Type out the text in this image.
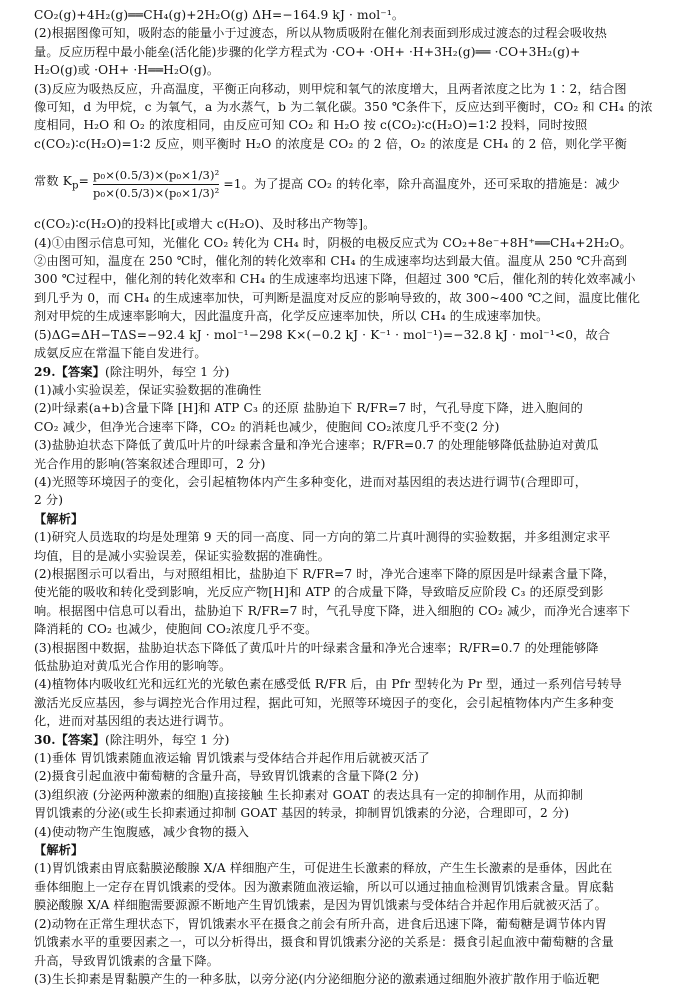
CO₂(g)+4H₂(g)══CH₄(g)+2H₂O(g) ΔH=−164.9 kJ · mol⁻¹。
(2)根据图像可知，吸附态的能量小于过渡态，所以从物质吸附在催化剂表面到形成过渡态的过程会吸收热
量。反应历程中最小能垒(活化能)步骤的化学方程式为 ·CO+ ·OH+ ·H+3H₂(g)══ ·CO+3H₂(g)+
H₂O(g)或 ·OH+ ·H══H₂O(g)。
(3)反应为吸热反应，升高温度，平衡正向移动，则甲烷和氧气的浓度增大，且两者浓度之比为 1∶2，结合图
像可知，d 为甲烷，c 为氧气，a 为水蒸气，b 为二氧化碳。350 ℃条件下，反应达到平衡时，CO₂ 和 CH₄ 的浓
度相同，H₂O 和 O₂ 的浓度相同，由反应可知 CO₂ 和 H₂O 按 c(CO₂)∶c(H₂O)=1∶2 投料，同时按照
c(CO₂)∶c(H₂O)=1∶2 反应，则平衡时 H₂O 的浓度是 CO₂ 的 2 倍，O₂ 的浓度是 CH₄ 的 2 倍，则化学平衡
常数 $K_p= \frac{\text{p₀×(0.5/3)×(p₀×1/3)²}}{\text{p₀×(0.5/3)×(p₀×1/3)²}} =1$。为了提高 CO₂ 的转化率，除升高温度外，还可采取的措施是：减少
c(CO₂)∶c(H₂O)的投料比[或增大 c(H₂O)、及时移出产物等]。
(4)①由图示信息可知，光催化 CO₂ 转化为 CH₄ 时，阴极的电极反应式为 CO₂+8e⁻+8H⁺══CH₄+2H₂O。
②由图可知，温度在 250 ℃时，催化剂的转化效率和 CH₄ 的生成速率均达到最大值。温度从 250 ℃升高到
300 ℃过程中，催化剂的转化效率和 CH₄ 的生成速率均迅速下降，但超过 300 ℃后，催化剂的转化效率减小
到几乎为 0，而 CH₄ 的生成速率加快，可判断是温度对反应的影响导致的，故 300~400 ℃之间，温度比催化
剂对甲烷的生成速率影响大，因此温度升高，化学反应速率加快，所以 CH₄ 的生成速率加快。
(5)ΔG=ΔH−TΔS=−92.4 kJ · mol⁻¹−298 K×(−0.2 kJ · K⁻¹ · mol⁻¹)=−32.8 kJ · mol⁻¹<0，故合
成氨反应在常温下能自发进行。
29.【答案】(除注明外，每空 1 分)
(1)减小实验误差，保证实验数据的准确性
(2)叶绿素(a+b)含量下降 [H]和 ATP C₃ 的还原 盐胁迫下 R/FR=7 时，气孔导度下降，进入胞间的
CO₂ 减少，但净光合速率下降，CO₂ 的消耗也减少，使胞间 CO₂浓度几乎不变(2 分)
(3)盐胁迫状态下降低了黄瓜叶片的叶绿素含量和净光合速率；R/FR=0.7 的处理能够降低盐胁迫对黄瓜
光合作用的影响(答案叙述合理即可，2 分)
(4)光照等环境因子的变化，会引起植物体内产生多种变化，进而对基因组的表达进行调节(合理即可，
2 分)
【解析】
(1)研究人员选取的均是处理第 9 天的同一高度、同一方向的第二片真叶测得的实验数据，并多组测定求平
均值，目的是减小实验误差，保证实验数据的准确性。
(2)根据图示可以看出，与对照组相比，盐胁迫下 R/FR=7 时，净光合速率下降的原因是叶绿素含量下降，
使光能的吸收和转化受到影响，光反应产物[H]和 ATP 的合成量下降，导致暗反应阶段 C₃ 的还原受到影
响。根据图中信息可以看出，盐胁迫下 R/FR=7 时，气孔导度下降，进入细胞的 CO₂ 减少，而净光合速率下
降消耗的 CO₂ 也减少，使胞间 CO₂浓度几乎不变。
(3)根据图中数据，盐胁迫状态下降低了黄瓜叶片的叶绿素含量和净光合速率；R/FR=0.7 的处理能够降
低盐胁迫对黄瓜光合作用的影响等。
(4)植物体内吸收红光和远红光的光敏色素在感受低 R/FR 后，由 Pfr 型转化为 Pr 型，通过一系列信号转导
激活光反应基因，参与调控光合作用过程，据此可知，光照等环境因子的变化，会引起植物体内产生多种变
化，进而对基因组的表达进行调节。
30.【答案】(除注明外，每空 1 分)
(1)垂体 胃饥饿素随血液运输 胃饥饿素与受体结合并起作用后就被灭活了
(2)摄食引起血液中葡萄糖的含量升高，导致胃饥饿素的含量下降(2 分)
(3)组织液 (分泌两种激素的细胞)直接接触 生长抑素对 GOAT 的表达具有一定的抑制作用，从而抑制
胃饥饿素的分泌(或生长抑素通过抑制 GOAT 基因的转录，抑制胃饥饿素的分泌，合理即可，2 分)
(4)使动物产生饱腹感，减少食物的摄入
【解析】
(1)胃饥饿素由胃底黏膜泌酸腺 X/A 样细胞产生，可促进生长激素的释放，产生生长激素的是垂体，因此在
垂体细胞上一定存在胃饥饿素的受体。因为激素随血液运输，所以可以通过抽血检测胃饥饿素含量。胃底黏
膜泌酸腺 X/A 样细胞需要源源不断地产生胃饥饿素，是因为胃饥饿素与受体结合并起作用后就被灭活了。
(2)动物在正常生理状态下，胃饥饿素水平在摄食之前会有所升高，进食后迅速下降，葡萄糖是调节体内胃
饥饿素水平的重要因素之一，可以分析得出，摄食和胃饥饿素分泌的关系是：摄食引起血液中葡萄糖的含量
升高，导致胃饥饿素的含量下降。
(3)生长抑素是胃黏膜产生的一种多肽，以旁分泌(内分泌细胞分泌的激素通过细胞外液扩散作用于临近靶
